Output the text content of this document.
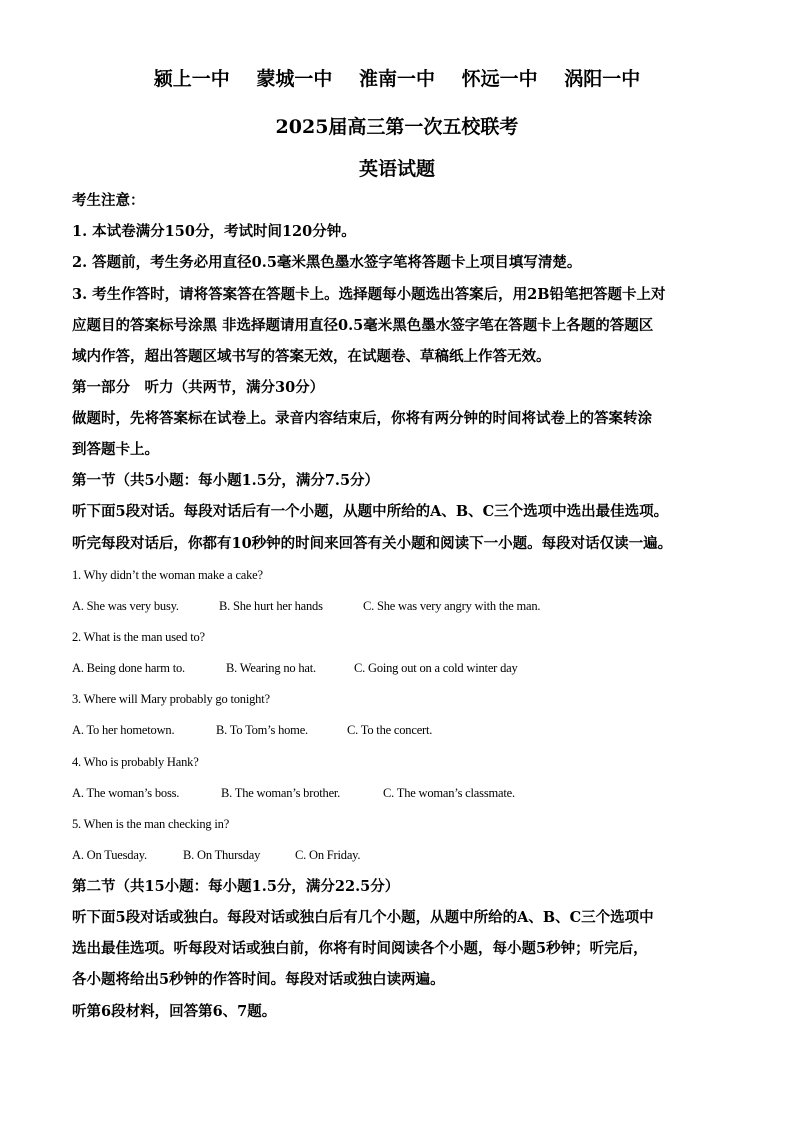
颍上一中 蒙城一中 淮南一中 怀远一中 涡阳一中
2025届高三第一次五校联考
英语试题
考生注意：
1. 本试卷满分150分，考试时间120分钟。
2. 答题前，考生务必用直径0.5毫米黑色墨水签字笔将答题卡上项目填写清楚。
3. 考生作答时，请将答案答在答题卡上。选择题每小题选出答案后，用2B铅笔把答题卡上对
应题目的答案标号涂黑 非选择题请用直径0.5毫米黑色墨水签字笔在答题卡上各题的答题区
域内作答，超出答题区域书写的答案无效，在试题卷、草稿纸上作答无效。
第一部分　听力（共两节，满分30分）
做题时，先将答案标在试卷上。录音内容结束后，你将有两分钟的时间将试卷上的答案转涂
到答题卡上。
第一节（共5小题：每小题1.5分，满分7.5分）
听下面5段对话。每段对话后有一个小题，从题中所给的A、B、C三个选项中选出最佳选项。
听完每段对话后，你都有10秒钟的时间来回答有关小题和阅读下一小题。每段对话仅读一遍。
1. Why didn’t the woman make a cake?
A. She was very busy.	B. She hurt her hands	C. She was very angry with the man.
2. What is the man used to?
A. Being done harm to.	B. Wearing no hat.	C. Going out on a cold winter day
3. Where will Mary probably go tonight?
A. To her hometown.	B. To Tom’s home.	C. To the concert.
4. Who is probably Hank?
A. The woman’s boss.	B. The woman’s brother.	C. The woman’s classmate.
5. When is the man checking in?
A. On Tuesday.	B. On Thursday	C. On Friday.
第二节（共15小题：每小题1.5分，满分22.5分）
听下面5段对话或独白。每段对话或独白后有几个小题，从题中所给的A、B、C三个选项中
选出最佳选项。听每段对话或独白前，你将有时间阅读各个小题，每小题5秒钟；听完后，
各小题将给出5秒钟的作答时间。每段对话或独白读两遍。
听第6段材料，回答第6、7题。
